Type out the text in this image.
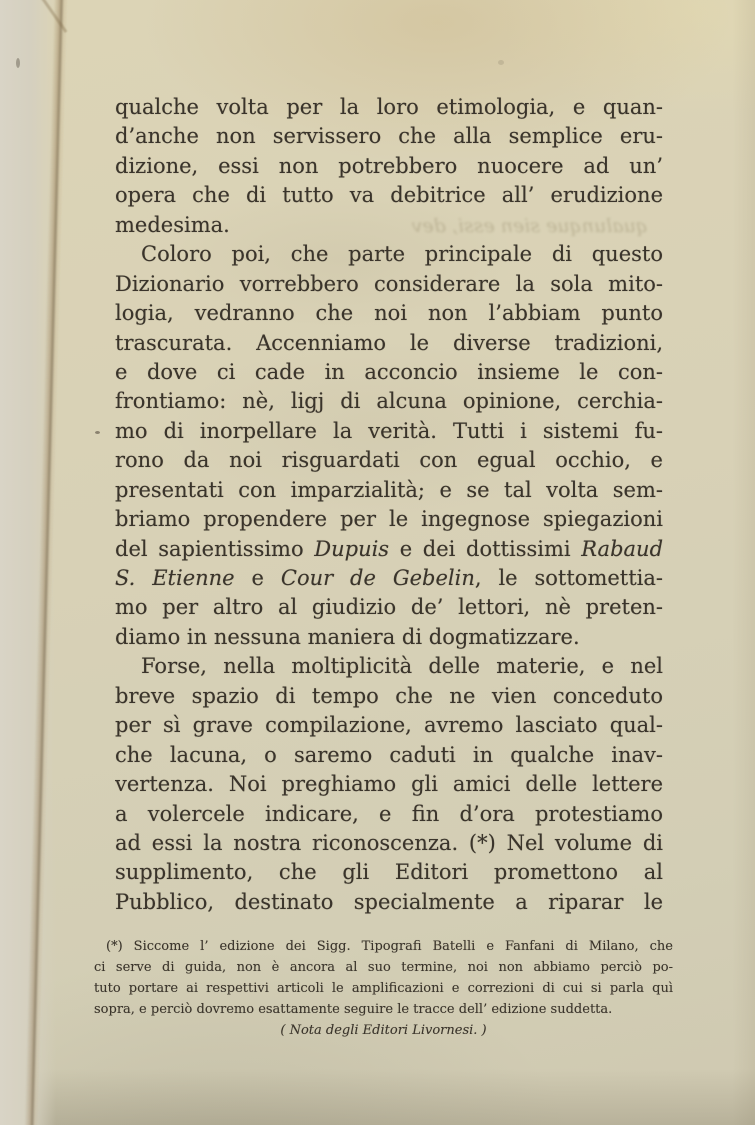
qualunque sien essi, dev
qualche volta per la loro etimologia, e quan-
d’anche non servissero che alla semplice eru-
dizione, essi non potrebbero nuocere ad un’
opera che di tutto va debitrice all’ erudizione
medesima.
Coloro poi, che parte principale di questo
Dizionario vorrebbero considerare la sola mito-
logia, vedranno che noi non l’abbiam punto
trascurata. Accenniamo le diverse tradizioni,
e dove ci cade in acconcio insieme le con-
frontiamo: nè, ligj di alcuna opinione, cerchia-
mo di inorpellare la verità. Tutti i sistemi fu-
rono da noi risguardati con egual occhio, e
presentati con imparzialità; e se tal volta sem-
briamo propendere per le ingegnose spiegazioni
del sapientissimo Dupuis e dei dottissimi Rabaud
S. Etienne e Cour de Gebelin, le sottomettia-
mo per altro al giudizio de’ lettori, nè preten-
diamo in nessuna maniera di dogmatizzare.
Forse, nella moltiplicità delle materie, e nel
breve spazio di tempo che ne vien conceduto
per sì grave compilazione, avremo lasciato qual-
che lacuna, o saremo caduti in qualche inav-
vertenza. Noi preghiamo gli amici delle lettere
a volercele indicare, e fin d’ora protestiamo
ad essi la nostra riconoscenza. (*) Nel volume di
supplimento, che gli Editori promettono al
Pubblico, destinato specialmente a riparar le
(*) Siccome l’ edizione dei Sigg. Tipografi Batelli e Fanfani di Milano, che
ci serve di guida, non è ancora al suo termine, noi non abbiamo perciò po-
tuto portare ai respettivi articoli le amplificazioni e correzioni di cui si parla quì
sopra, e perciò dovremo esattamente seguire le tracce dell’ edizione suddetta.
( Nota degli Editori Livornesi. )
